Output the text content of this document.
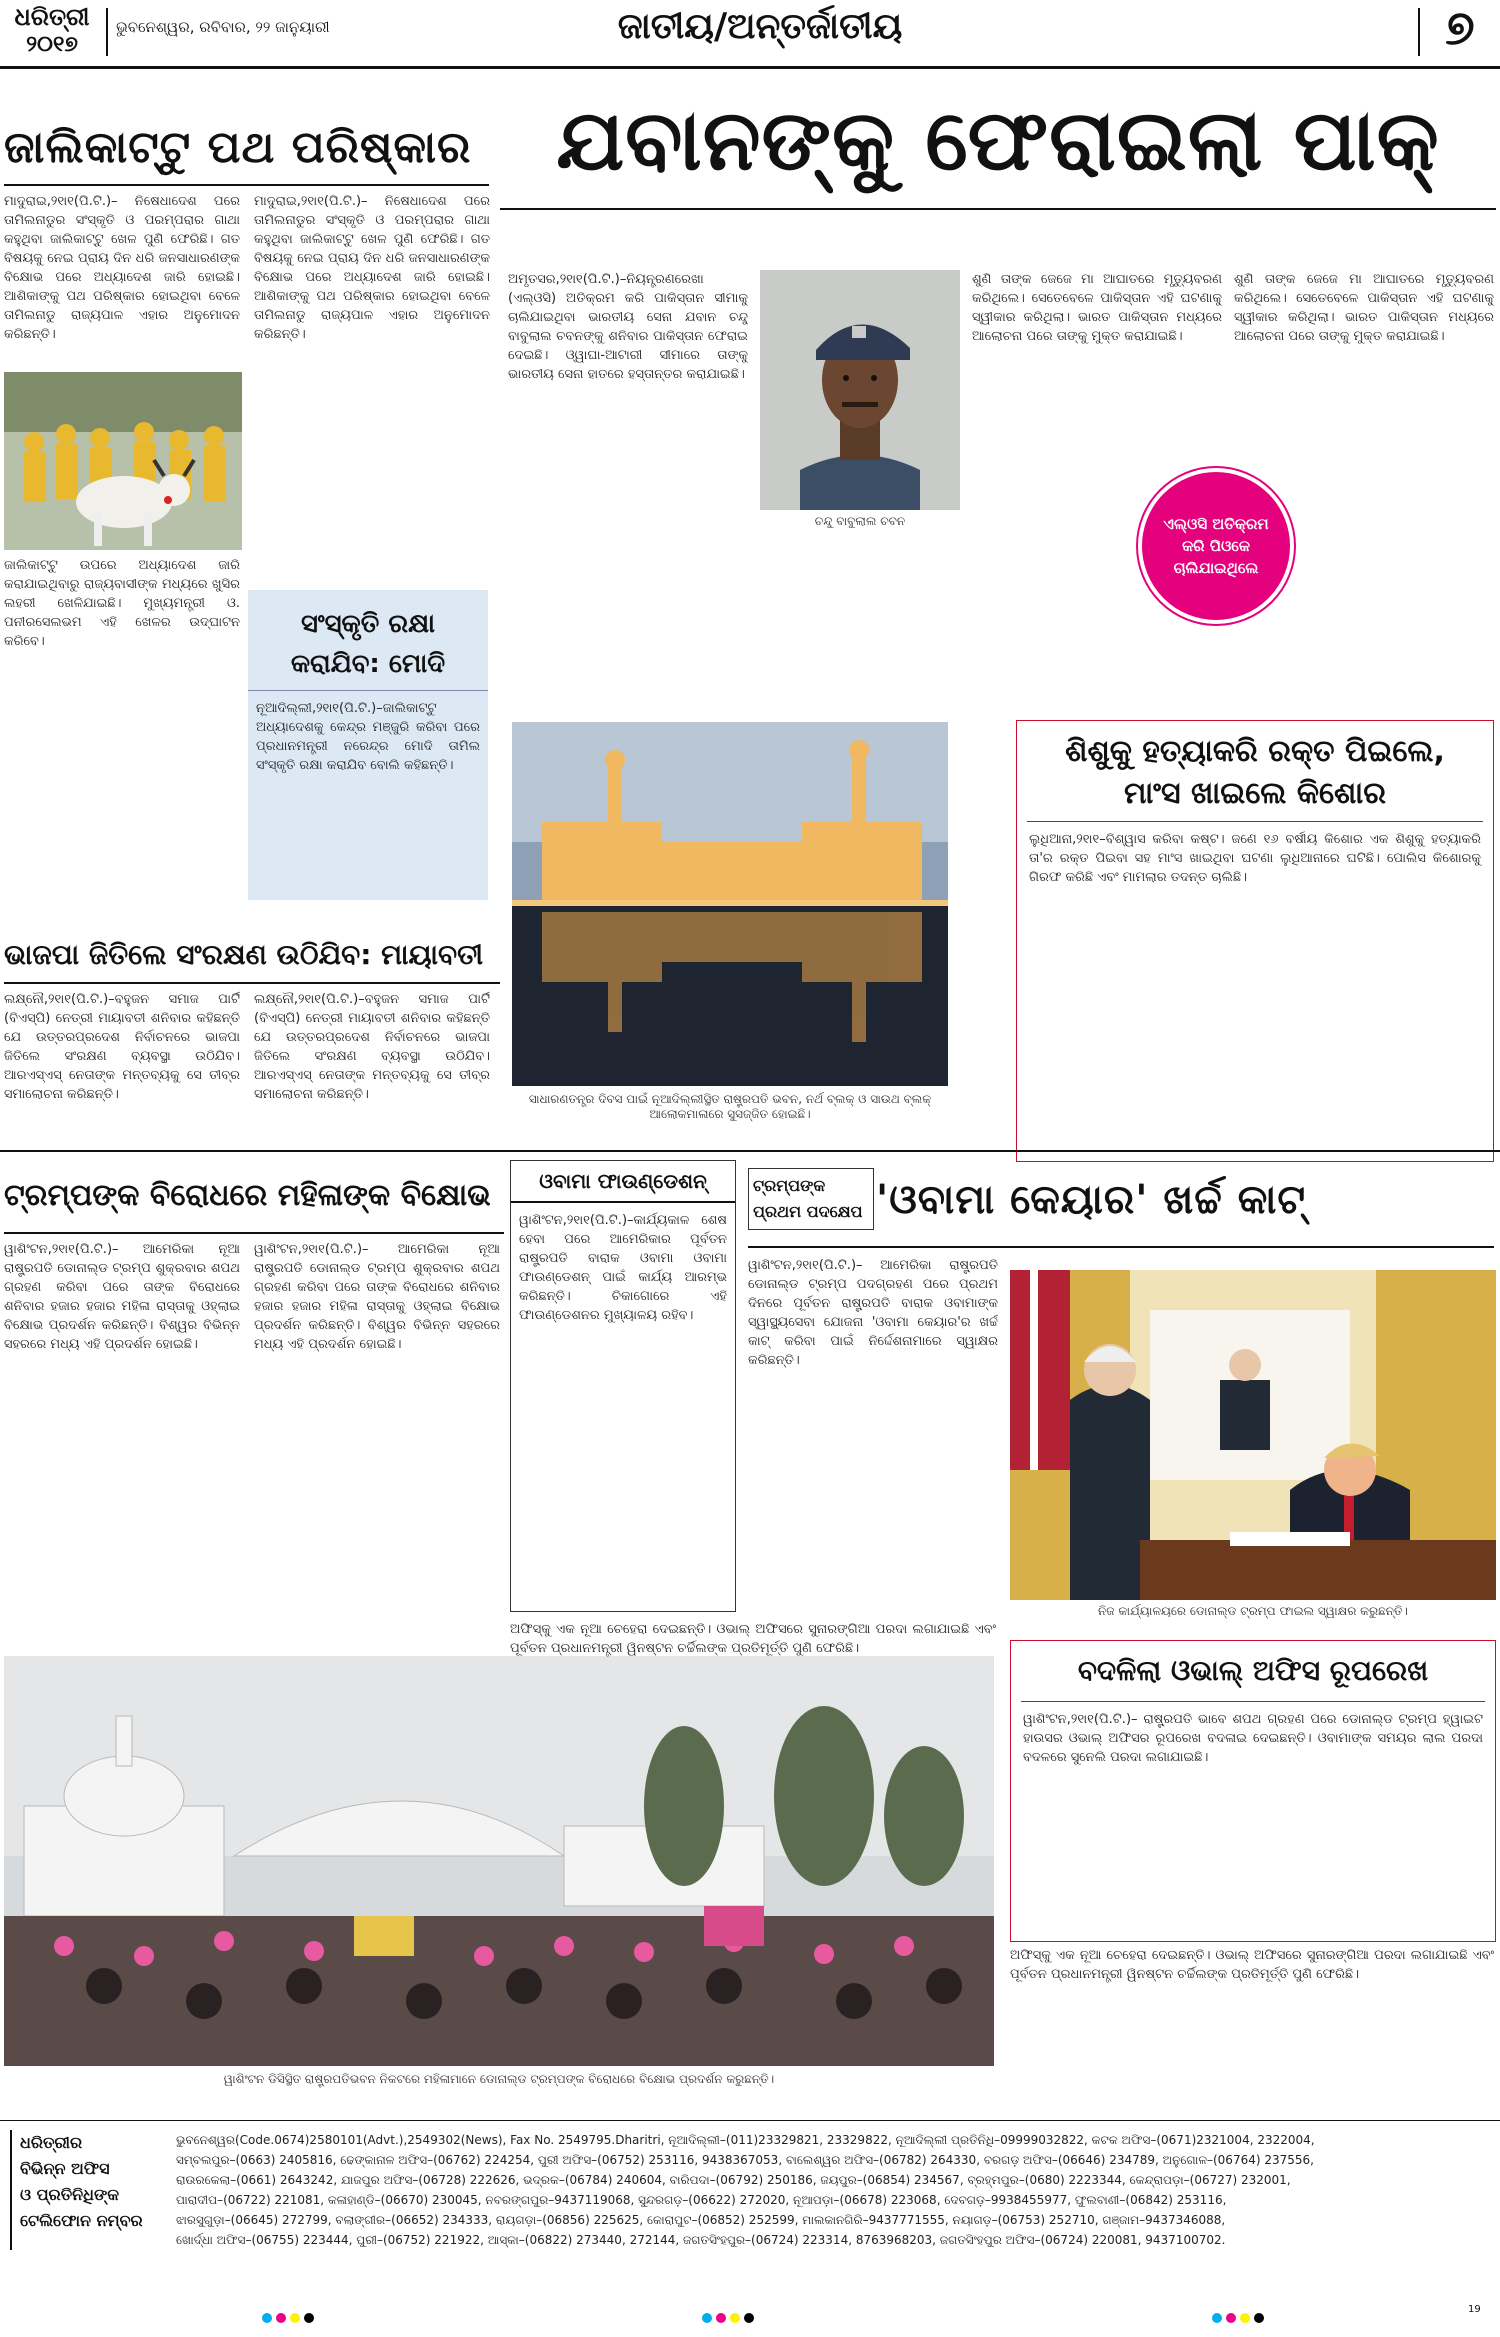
ଧରିତ୍ରୀ
୨୦୧୭
ଭୁବନେଶ୍ୱର, ରବିବାର, ୨୨ ଜାନୁୟାରୀ	ଜାତୀୟ/ଅନ୍ତର୍ଜାତୀୟ	୭
ଜାଲିକାଟ୍ଟୁ ପଥ ପରିଷ୍କାର
ମାଦୁରାଇ,୨୧ା୧(ପି.ଟି.)– ନିଷେଧାଦେଶ ପରେ ତାମିଲନାଡୁର ସଂସ୍କୃତି ଓ ପରମ୍ପରାର ଗାଥା କହୁଥିବା ଜାଲିକାଟ୍ଟୁ ଖେଳ ପୁଣି ଫେରିଛି। ଗତ ବିଷୟକୁ ନେଇ ପ୍ରାୟ ଦିନ ଧରି ଜନସାଧାରଣଙ୍କ ବିକ୍ଷୋଭ ପରେ ଅଧ୍ୟାଦେଶ ଜାରି ହୋଇଛି। ଆଶିକାଙ୍କୁ ପଥ ପରିଷ୍କାର ହୋଇଥିବା ବେଳେ ତାମିଲନାଡୁ ରାଜ୍ୟପାଳ ଏହାର ଅନୁମୋଦନ କରିଛନ୍ତି।
ମାଦୁରାଇ,୨୧ା୧(ପି.ଟି.)– ନିଷେଧାଦେଶ ପରେ ତାମିଲନାଡୁର ସଂସ୍କୃତି ଓ ପରମ୍ପରାର ଗାଥା କହୁଥିବା ଜାଲିକାଟ୍ଟୁ ଖେଳ ପୁଣି ଫେରିଛି। ଗତ ବିଷୟକୁ ନେଇ ପ୍ରାୟ ଦିନ ଧରି ଜନସାଧାରଣଙ୍କ ବିକ୍ଷୋଭ ପରେ ଅଧ୍ୟାଦେଶ ଜାରି ହୋଇଛି। ଆଶିକାଙ୍କୁ ପଥ ପରିଷ୍କାର ହୋଇଥିବା ବେଳେ ତାମିଲନାଡୁ ରାଜ୍ୟପାଳ ଏହାର ଅନୁମୋଦନ କରିଛନ୍ତି।
ଜାଲିକାଟ୍ଟୁ ଉପରେ ଅଧ୍ୟାଦେଶ ଜାରି କରାଯାଇଥିବାରୁ ରାଜ୍ୟବାସୀଙ୍କ ମଧ୍ୟରେ ଖୁସିର ଲହରୀ ଖେଳିଯାଇଛି। ମୁଖ୍ୟମନ୍ତ୍ରୀ ଓ. ପନୀରସେଲଭମ ଏହି ଖେଳର ଉଦ୍‌ଘାଟନ କରିବେ।
ସଂସ୍କୃତି ରକ୍ଷା କରାଯିବ: ମୋଦି
ନୂଆଦିଲ୍ଲୀ,୨୧ା୧(ପି.ଟି.)–ଜାଲିକାଟ୍ଟୁ ଅଧ୍ୟାଦେଶକୁ କେନ୍ଦ୍ର ମଞ୍ଜୁରି କରିବା ପରେ ପ୍ରଧାନମନ୍ତ୍ରୀ ନରେନ୍ଦ୍ର ମୋଦି ତାମିଲ ସଂସ୍କୃତି ରକ୍ଷା କରାଯିବ ବୋଲି କହିଛନ୍ତି।
ଯବାନଙ୍କୁ ଫେରାଇଲା ପାକ୍‌
ଅମୃତସର,୨୧ା୧(ପି.ଟି.)–ନିୟନ୍ତ୍ରଣରେଖା (ଏଲ୍‌ଓସି) ଅତିକ୍ରମ କରି ପାକିସ୍ତାନ ସୀମାକୁ ଚାଲିଯାଇଥିବା ଭାରତୀୟ ସେନା ଯବାନ ଚନ୍ଦୁ ବାବୁଲାଲ ଚବନଙ୍କୁ ଶନିବାର ପାକିସ୍ତାନ ଫେରାଇ ଦେଇଛି। ଓ୍ୱାଘା-ଆଟାରୀ ସୀମାରେ ତାଙ୍କୁ ଭାରତୀୟ ସେନା ହାତରେ ହସ୍ତାନ୍ତର କରାଯାଇଛି।
ଚନ୍ଦୁ ବାବୁଲାଲ ଚବନ
ଶୁଣି ତାଙ୍କ ଜେଜେ ମା ଆଘାତରେ ମୃତ୍ୟୁବରଣ କରିଥିଲେ। ସେତେବେଳେ ପାକିସ୍ତାନ ଏହି ଘଟଣାକୁ ସ୍ୱୀକାର କରିଥିଲା। ଭାରତ ପାକିସ୍ତାନ ମଧ୍ୟରେ ଆଲୋଚନା ପରେ ତାଙ୍କୁ ମୁକ୍ତ କରାଯାଇଛି।
ଶୁଣି ତାଙ୍କ ଜେଜେ ମା ଆଘାତରେ ମୃତ୍ୟୁବରଣ କରିଥିଲେ। ସେତେବେଳେ ପାକିସ୍ତାନ ଏହି ଘଟଣାକୁ ସ୍ୱୀକାର କରିଥିଲା। ଭାରତ ପାକିସ୍ତାନ ମଧ୍ୟରେ ଆଲୋଚନା ପରେ ତାଙ୍କୁ ମୁକ୍ତ କରାଯାଇଛି।
ଏଲ୍‌ଓସି ଅତିକ୍ରମ କରି ପିଓକେ ଚାଲିଯାଇଥିଲେ
ସାଧାରଣତନ୍ତ୍ର ଦିବସ ପାଇଁ ନୂଆଦିଲ୍ଲୀସ୍ଥିତ ରାଷ୍ଟ୍ରପତି ଭବନ, ନର୍ଥ ବ୍ଲକ୍ ଓ ସାଉଥ ବ୍ଲକ୍ ଆଲୋକମାଳାରେ ସୁସଜ୍ଜିତ ହୋଇଛି।
ଶିଶୁକୁ ହତ୍ୟାକରି ରକ୍ତ ପିଇଲେ,
ମାଂସ ଖାଇଲେ କିଶୋର
ଲୁଧିଆନା,୨୧ା୧–ବିଶ୍ୱାସ କରିବା କଷ୍ଟ। ଜଣେ ୧୬ ବର୍ଷୀୟ କିଶୋର ଏକ ଶିଶୁକୁ ହତ୍ୟାକରି ତା'ର ରକ୍ତ ପିଇବା ସହ ମାଂସ ଖାଇଥିବା ଘଟଣା ଲୁଧିଆନାରେ ଘଟିଛି। ପୋଲିସ କିଶୋରକୁ ଗିରଫ କରିଛି ଏବଂ ମାମଲାର ତଦନ୍ତ ଚାଲିଛି।
ଭାଜପା ଜିତିଲେ ସଂରକ୍ଷଣ ଉଠିଯିବ: ମାୟାବତୀ
ଲକ୍ଷ୍ନୌ,୨୧ା୧(ପି.ଟି.)–ବହୁଜନ ସମାଜ ପାର୍ଟି (ବିଏସ୍‌ପି) ନେତ୍ରୀ ମାୟାବତୀ ଶନିବାର କହିଛନ୍ତି ଯେ ଉତ୍ତରପ୍ରଦେଶ ନିର୍ବାଚନରେ ଭାଜପା ଜିତିଲେ ସଂରକ୍ଷଣ ବ୍ୟବସ୍ଥା ଉଠିଯିବ। ଆରଏସ୍‌ଏସ୍ ନେତାଙ୍କ ମନ୍ତବ୍ୟକୁ ସେ ତୀବ୍ର ସମାଲୋଚନା କରିଛନ୍ତି।
ଲକ୍ଷ୍ନୌ,୨୧ା୧(ପି.ଟି.)–ବହୁଜନ ସମାଜ ପାର୍ଟି (ବିଏସ୍‌ପି) ନେତ୍ରୀ ମାୟାବତୀ ଶନିବାର କହିଛନ୍ତି ଯେ ଉତ୍ତରପ୍ରଦେଶ ନିର୍ବାଚନରେ ଭାଜପା ଜିତିଲେ ସଂରକ୍ଷଣ ବ୍ୟବସ୍ଥା ଉଠିଯିବ। ଆରଏସ୍‌ଏସ୍ ନେତାଙ୍କ ମନ୍ତବ୍ୟକୁ ସେ ତୀବ୍ର ସମାଲୋଚନା କରିଛନ୍ତି।
ଟ୍ରମ୍ପଙ୍କ ବିରୋଧରେ ମହିଳାଙ୍କ ବିକ୍ଷୋଭ
ୱାଶିଂଟନ,୨୧ା୧(ପି.ଟି.)– ଆମେରିକା ନୂଆ ରାଷ୍ଟ୍ରପତି ଡୋନାଲ୍ଡ ଟ୍ରମ୍ପ ଶୁକ୍ରବାର ଶପଥ ଗ୍ରହଣ କରିବା ପରେ ତାଙ୍କ ବିରୋଧରେ ଶନିବାର ହଜାର ହଜାର ମହିଳା ରାସ୍ତାକୁ ଓହ୍ଲାଇ ବିକ୍ଷୋଭ ପ୍ରଦର୍ଶନ କରିଛନ୍ତି। ବିଶ୍ୱର ବିଭିନ୍ନ ସହରରେ ମଧ୍ୟ ଏହି ପ୍ରଦର୍ଶନ ହୋଇଛି।
ୱାଶିଂଟନ,୨୧ା୧(ପି.ଟି.)– ଆମେରିକା ନୂଆ ରାଷ୍ଟ୍ରପତି ଡୋନାଲ୍ଡ ଟ୍ରମ୍ପ ଶୁକ୍ରବାର ଶପଥ ଗ୍ରହଣ କରିବା ପରେ ତାଙ୍କ ବିରୋଧରେ ଶନିବାର ହଜାର ହଜାର ମହିଳା ରାସ୍ତାକୁ ଓହ୍ଲାଇ ବିକ୍ଷୋଭ ପ୍ରଦର୍ଶନ କରିଛନ୍ତି। ବିଶ୍ୱର ବିଭିନ୍ନ ସହରରେ ମଧ୍ୟ ଏହି ପ୍ରଦର୍ଶନ ହୋଇଛି।
ୱାଶିଂଟନ ଡିସିସ୍ଥିତ ରାଷ୍ଟ୍ରପତିଭବନ ନିକଟରେ ମହିଳାମାନେ ଡୋନାଲ୍ଡ ଟ୍ରମ୍ପଙ୍କ ବିରୋଧରେ ବିକ୍ଷୋଭ ପ୍ରଦର୍ଶନ କରୁଛନ୍ତି।
ଓବାମା ଫାଉଣ୍ଡେଶନ୍
ୱାଶିଂଟନ,୨୧ା୧(ପି.ଟି.)–କାର୍ଯ୍ୟକାଳ ଶେଷ ହେବା ପରେ ଆମେରିକାର ପୂର୍ବତନ ରାଷ୍ଟ୍ରପତି ବାରାକ ଓବାମା ଓବାମା ଫାଉଣ୍ଡେଶନ୍ ପାଇଁ କାର୍ଯ୍ୟ ଆରମ୍ଭ କରିଛନ୍ତି। ଚିକାଗୋରେ ଏହି ଫାଉଣ୍ଡେଶନର ମୁଖ୍ୟାଳୟ ରହିବ।
ଟ୍ରମ୍ପଙ୍କ ପ୍ରଥମ ପଦକ୍ଷେପ 'ଓବାମା କେୟାର' ଖର୍ଚ୍ଚ କାଟ୍‌
ୱାଶିଂଟନ,୨୧ା୧(ପି.ଟି.)– ଆମେରିକା ରାଷ୍ଟ୍ରପତି ଡୋନାଲ୍ଡ ଟ୍ରମ୍ପ ପଦଗ୍ରହଣ ପରେ ପ୍ରଥମ ଦିନରେ ପୂର୍ବତନ ରାଷ୍ଟ୍ରପତି ବାରାକ ଓବାମାଙ୍କ ସ୍ୱାସ୍ଥ୍ୟସେବା ଯୋଜନା 'ଓବାମା କେୟାର'ର ଖର୍ଚ୍ଚ କାଟ୍ କରିବା ପାଇଁ ନିର୍ଦ୍ଦେଶନାମାରେ ସ୍ୱାକ୍ଷର କରିଛନ୍ତି।
ନିଜ କାର୍ଯ୍ୟାଳୟରେ ଡୋନାଲ୍ଡ ଟ୍ରମ୍ପ ଫାଇଲ ସ୍ୱାକ୍ଷର କରୁଛନ୍ତି।
ଅଫିସ୍‌କୁ ଏକ ନୂଆ ଚେହେରା ଦେଇଛନ୍ତି। ଓଭାଲ୍ ଅଫିସରେ ସୁନାରଙ୍ଗିଆ ପରଦା ଲଗାଯାଇଛି ଏବଂ ପୂର୍ବତନ ପ୍ରଧାନମନ୍ତ୍ରୀ ୱିନଷ୍ଟନ ଚର୍ଚ୍ଚିଲଙ୍କ ପ୍ରତିମୂର୍ତ୍ତି ପୁଣି ଫେରିଛି।
ବଦଳିଲା ଓଭାଲ୍ ଅଫିସ ରୂପରେଖ
ୱାଶିଂଟନ,୨୧ା୧(ପି.ଟି.)– ରାଷ୍ଟ୍ରପତି ଭାବେ ଶପଥ ଗ୍ରହଣ ପରେ ଡୋନାଲ୍ଡ ଟ୍ରମ୍ପ ହ୍ୱାଇଟ ହାଉସର ଓଭାଲ୍ ଅଫିସର ରୂପରେଖ ବଦଳାଇ ଦେଇଛନ୍ତି। ଓବାମାଙ୍କ ସମୟର ଲାଲ ପରଦା ବଦଳରେ ସୁନେଲି ପରଦା ଲଗାଯାଇଛି।
ଅଫିସ୍‌କୁ ଏକ ନୂଆ ଚେହେରା ଦେଇଛନ୍ତି। ଓଭାଲ୍ ଅଫିସରେ ସୁନାରଙ୍ଗିଆ ପରଦା ଲଗାଯାଇଛି ଏବଂ ପୂର୍ବତନ ପ୍ରଧାନମନ୍ତ୍ରୀ ୱିନଷ୍ଟନ ଚର୍ଚ୍ଚିଲଙ୍କ ପ୍ରତିମୂର୍ତ୍ତି ପୁଣି ଫେରିଛି।
ଧରିତ୍ରୀର
ବିଭିନ୍ନ ଅଫିସ
ଓ ପ୍ରତିନିଧିଙ୍କ
ଟେଲିଫୋନ ନମ୍ବର
ଭୁବନେଶ୍ୱର(Code.0674)2580101(Advt.),2549302(News), Fax No. 2549795.Dharitri, ନୂଆଦିଲ୍ଲୀ–(011)23329821, 23329822, ନୂଆଦିଲ୍ଲୀ ପ୍ରତିନିଧି–09999032822, କଟକ ଅଫିସ–(0671)2321004, 2322004,
ସମ୍ବଲପୁର–(0663) 2405816, ଢେଙ୍କାନାଳ ଅଫିସ–(06762) 224254, ପୁରୀ ଅଫିସ–(06752) 253116, 9438367053, ବାଲେଶ୍ୱର ଅଫିସ–(06782) 264330, ବରଗଡ଼ ଅଫିସ–(06646) 234789, ଅନୁଗୋଳ–(06764) 237556,
ରାଉରକେଲା–(0661) 2643242, ଯାଜପୁର ଅଫିସ–(06728) 222626, ଭଦ୍ରକ–(06784) 240604, ବାରିପଦା–(06792) 250186, ଜୟପୁର–(06854) 234567, ବ୍ରହ୍ମପୁର–(0680) 2223344, କେନ୍ଦ୍ରାପଡ଼ା–(06727) 232001,
ପାରାଦୀପ–(06722) 221081, କଳାହାଣ୍ଡି–(06670) 230045, ନବରଙ୍ଗପୁର–9437119068, ସୁନ୍ଦରଗଡ଼–(06622) 272020, ନୂଆପଡ଼ା–(06678) 223068, ଦେବଗଡ଼–9938455977, ଫୁଲବାଣୀ–(06842) 253116,
ଝାରସୁଗୁଡ଼ା–(06645) 272799, ବଲାଙ୍ଗୀର–(06652) 234333, ରାୟଗଡ଼ା–(06856) 225625, କୋରାପୁଟ–(06852) 252599, ମାଲକାନଗିରି–9437771555, ନୟାଗଡ଼–(06753) 252710, ଗଞ୍ଜାମ–9437346088,
ଖୋର୍ଦ୍ଧା ଅଫିସ–(06755) 223444, ପୁରୀ–(06752) 221922, ଆସ୍କା–(06822) 273440, 272144, ଜଗତସିଂହପୁର–(06724) 223314, 8763968203, ଜଗତସିଂହପୁର ଅଫିସ–(06724) 220081, 9437100702.
19
